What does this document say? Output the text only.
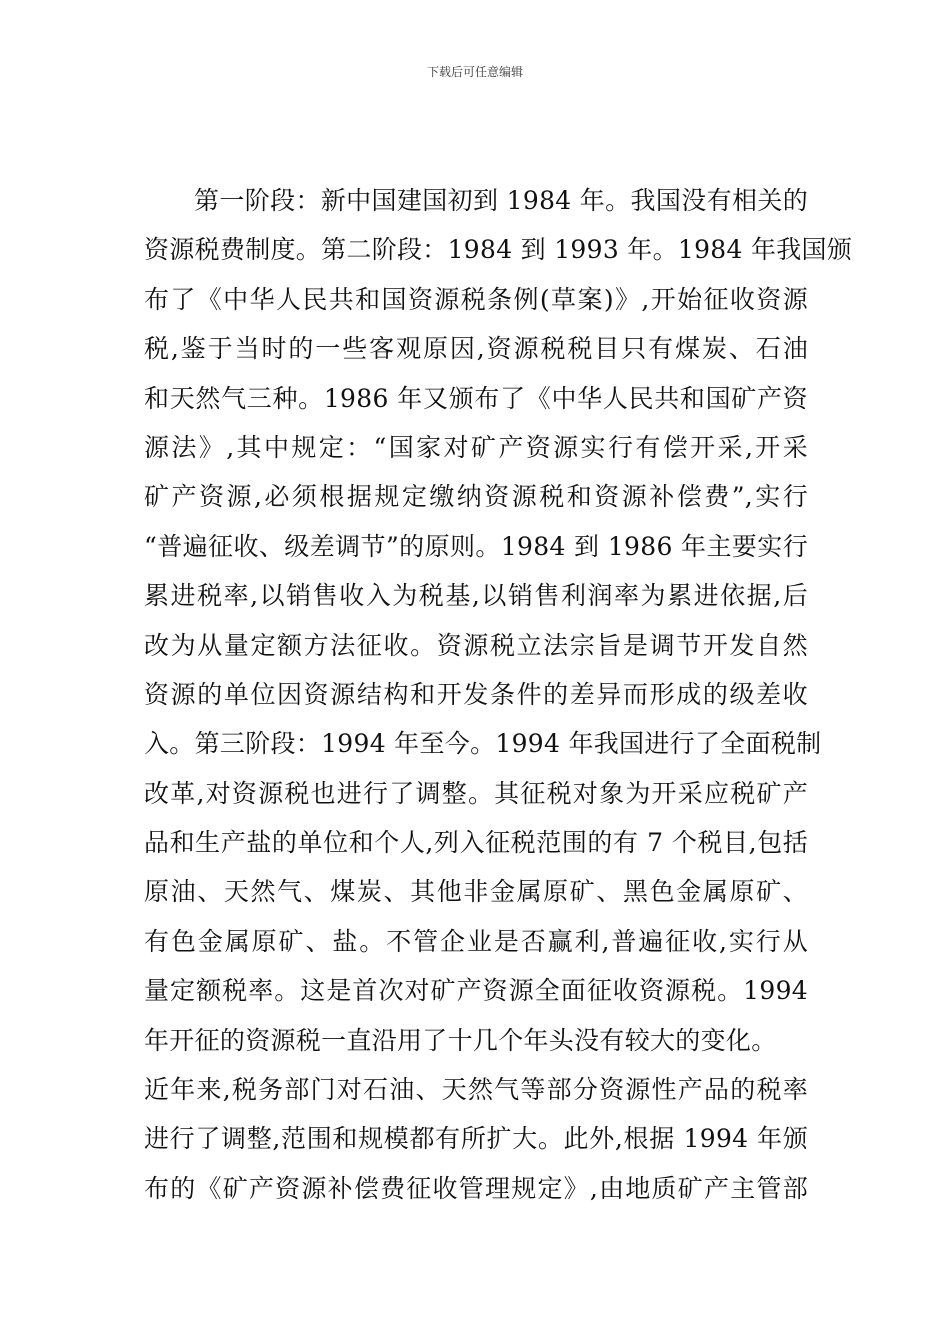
下载后可任意编辑
第一阶段：新中国建国初到 1984 年。我国没有相关的
资源税费制度。第二阶段：1984 到 1993 年。1984 年我国颁
布了《中华人民共和国资源税条例(草案)》,开始征收资源
税,鉴于当时的一些客观原因,资源税税目只有煤炭、石油
和天然气三种。1986 年又颁布了《中华人民共和国矿产资
源法》,其中规定：“国家对矿产资源实行有偿开采,开采
矿产资源,必须根据规定缴纳资源税和资源补偿费”,实行
“普遍征收、级差调节”的原则。1984 到 1986 年主要实行
累进税率,以销售收入为税基,以销售利润率为累进依据,后
改为从量定额方法征收。资源税立法宗旨是调节开发自然
资源的单位因资源结构和开发条件的差异而形成的级差收
入。第三阶段：1994 年至今。1994 年我国进行了全面税制
改革,对资源税也进行了调整。其征税对象为开采应税矿产
品和生产盐的单位和个人,列入征税范围的有 7 个税目,包括
原油、天然气、煤炭、其他非金属原矿、黑色金属原矿、
有色金属原矿、盐。不管企业是否赢利,普遍征收,实行从
量定额税率。这是首次对矿产资源全面征收资源税。1994
年开征的资源税一直沿用了十几个年头没有较大的变化。
近年来,税务部门对石油、天然气等部分资源性产品的税率
进行了调整,范围和规模都有所扩大。此外,根据 1994 年颁
布的《矿产资源补偿费征收管理规定》,由地质矿产主管部
